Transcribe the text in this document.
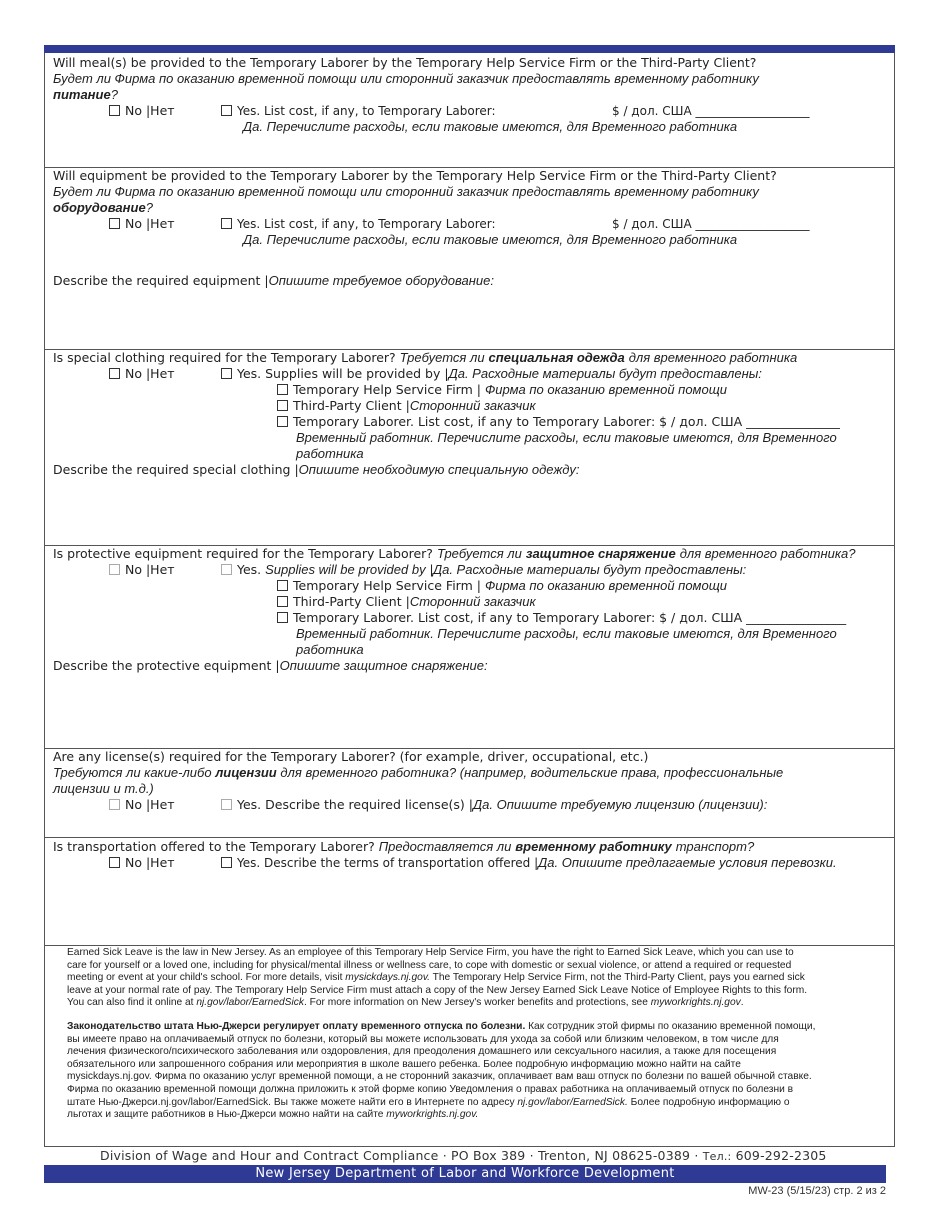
Will meal(s) be provided to the Temporary Laborer by the Temporary Help Service Firm or the Third-Party Client?
Будет ли Фирма по оказанию временной помощи или сторонний заказчик предоставлять временному работнику
питание?
No |Нет	Yes. List cost, if any, to Temporary Laborer:	$ / дол. США ___________________
Да. Перечислите расходы, если таковые имеются, для Временного работника
Will equipment be provided to the Temporary Laborer by the Temporary Help Service Firm or the Third-Party Client?
Будет ли Фирма по оказанию временной помощи или сторонний заказчик предоставлять временному работнику
оборудование?
No |Нет	Yes. List cost, if any, to Temporary Laborer:	$ / дол. США ___________________
Да. Перечислите расходы, если таковые имеются, для Временного работника
Describe the required equipment |Опишите требуемое оборудование:
Is special clothing required for the Temporary Laborer? Требуется ли специальная одежда для временного работника
No |Нет	Yes. Supplies will be provided by |Да. Расходные материалы будут предоставлены:
Temporary Help Service Firm | Фирма по оказанию временной помощи
Third-Party Client |Сторонний заказчик
Temporary Laborer. List cost, if any to Temporary Laborer: $ / дол. США _______________
Временный работник. Перечислите расходы, если таковые имеются, для Временного
работника
Describe the required special clothing |Опишите необходимую специальную одежду:
Is protective equipment required for the Temporary Laborer? Требуется ли защитное снаряжение для временного работника?
No |Нет	Yes. Supplies will be provided by |Да. Расходные материалы будут предоставлены:
Temporary Help Service Firm | Фирма по оказанию временной помощи
Third-Party Client |Сторонний заказчик
Temporary Laborer. List cost, if any to Temporary Laborer: $ / дол. США ________________
Временный работник. Перечислите расходы, если таковые имеются, для Временного
работника
Describe the protective equipment |Опишите защитное снаряжение:
Are any license(s) required for the Temporary Laborer? (for example, driver, occupational, etc.)
Требуются ли какие-либо лицензии для временного работника? (например, водительские права, профессиональные
лицензии и т.д.)
No |Нет	Yes. Describe the required license(s) |Да. Опишите требуемую лицензию (лицензии):
Is transportation offered to the Temporary Laborer? Предоставляется ли временному работнику транспорт?
No |Нет	Yes. Describe the terms of transportation offered |Да. Опишите предлагаемые условия перевозки.

Earned Sick Leave is the law in New Jersey. As an employee of this Temporary Help Service Firm, you have the right to Earned Sick Leave, which you can use to

care for yourself or a loved one, including for physical/mental illness or wellness care, to cope with domestic or sexual violence, or attend a required or requested

meeting or event at your child's school. For more details, visit mysickdays.nj.gov. The Temporary Help Service Firm, not the Third-Party Client, pays you earned sick

leave at your normal rate of pay. The Temporary Help Service Firm must attach a copy of the New Jersey Earned Sick Leave Notice of Employee Rights to this form.

You can also find it online at nj.gov/labor/EarnedSick. For more information on New Jersey's worker benefits and protections, see myworkrights.nj.gov.

Законодательство штата Нью-Джерси регулирует оплату временного отпуска по болезни. Как сотрудник этой фирмы по оказанию временной помощи,

вы имеете право на оплачиваемый отпуск по болезни, который вы можете использовать для ухода за собой или близким человеком, в том числе для

лечения физического/психического заболевания или оздоровления, для преодоления домашнего или сексуального насилия, а также для посещения

обязательного или запрошенного собрания или мероприятия в школе вашего ребенка. Более подробную информацию можно найти на сайте

mysickdays.nj.gov. Фирма по оказанию услуг временной помощи, а не сторонний заказчик, оплачивает вам ваш отпуск по болезни по вашей обычной ставке.

Фирма по оказанию временной помощи должна приложить к этой форме копию Уведомления о правах работника на оплачиваемый отпуск по болезни в

штате Нью-Джерси.nj.gov/labor/EarnedSick. Вы также можете найти его в Интернете по адресу nj.gov/labor/EarnedSick. Более подробную информацию о

льготах и защите работников в Нью-Джерси можно найти на сайте myworkrights.nj.gov.

Division of Wage and Hour and Contract Compliance · PO Box 389 · Trenton, NJ 08625-0389 · Тел.: 609-292-2305
New Jersey Department of Labor and Workforce Development
MW-23 (5/15/23) стр. 2 из 2
